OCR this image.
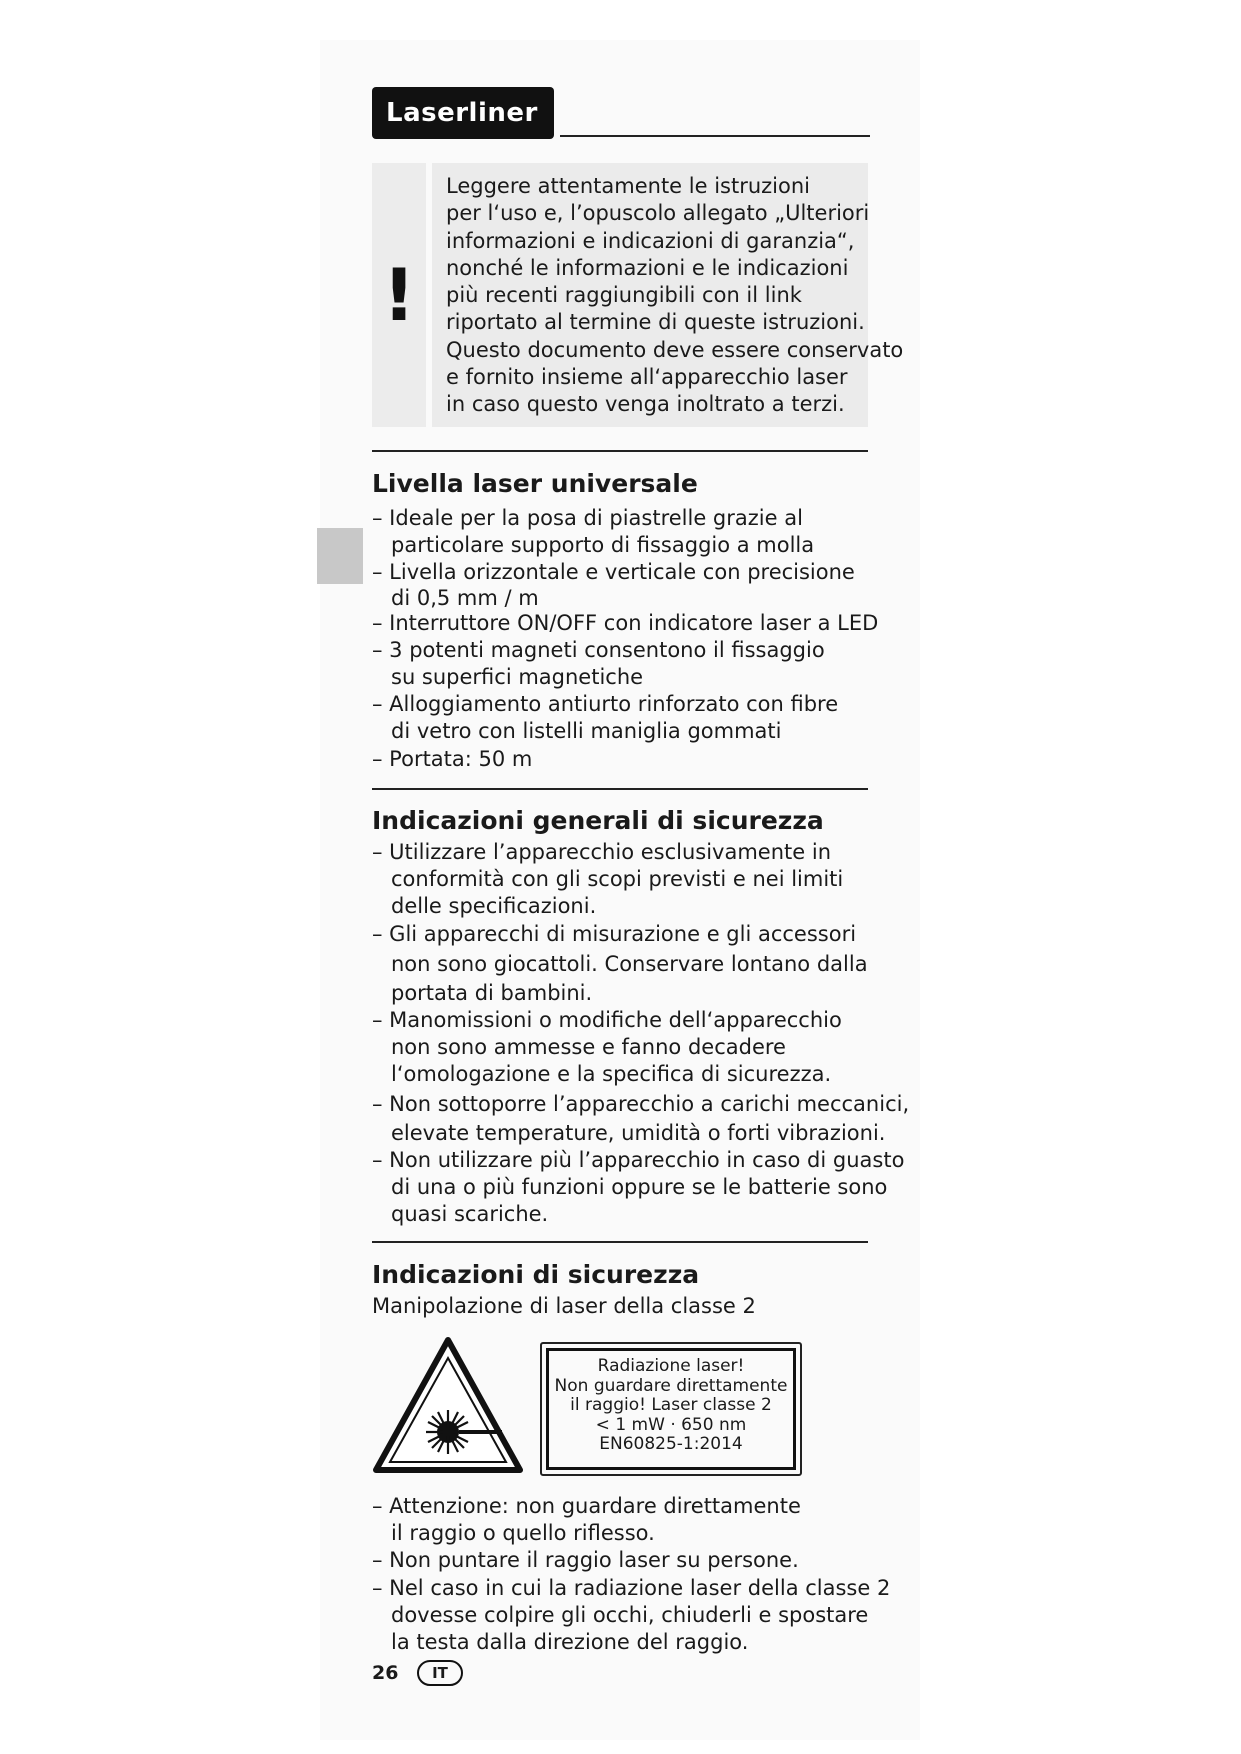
Laserliner
!
Leggere attentamente le istruzioni
per l‘uso e, l’opuscolo allegato „Ulteriori
informazioni e indicazioni di garanzia“,
nonché le informazioni e le indicazioni
più recenti raggiungibili con il link
riportato al termine di queste istruzioni.
Questo documento deve essere conservato
e fornito insieme all‘apparecchio laser
in caso questo venga inoltrato a terzi.
Livella laser universale
– Ideale per la posa di piastrelle grazie al
particolare supporto di fissaggio a molla
– Livella orizzontale e verticale con precisione
di 0,5 mm / m
– Interruttore ON/OFF con indicatore laser a LED
– 3 potenti magneti consentono il fissaggio
su superfici magnetiche
– Alloggiamento antiurto rinforzato con fibre
di vetro con listelli maniglia gommati
– Portata: 50 m
Indicazioni generali di sicurezza
– Utilizzare l’apparecchio esclusivamente in
conformità con gli scopi previsti e nei limiti
delle specificazioni.
– Gli apparecchi di misurazione e gli accessori
non sono giocattoli. Conservare lontano dalla
portata di bambini.
– Manomissioni o modifiche dell‘apparecchio
non sono ammesse e fanno decadere
l‘omologazione e la specifica di sicurezza.
– Non sottoporre l’apparecchio a carichi meccanici,
elevate temperature, umidità o forti vibrazioni.
– Non utilizzare più l’apparecchio in caso di guasto
di una o più funzioni oppure se le batterie sono
quasi scariche.
Indicazioni di sicurezza
Manipolazione di laser della classe 2
Radiazione laser!
Non guardare direttamente
il raggio! Laser classe 2
< 1 mW · 650 nm
EN60825-1:2014
– Attenzione: non guardare direttamente
il raggio o quello riflesso.
– Non puntare il raggio laser su persone.
– Nel caso in cui la radiazione laser della classe 2
dovesse colpire gli occhi, chiuderli e spostare
la testa dalla direzione del raggio.
26 IT
